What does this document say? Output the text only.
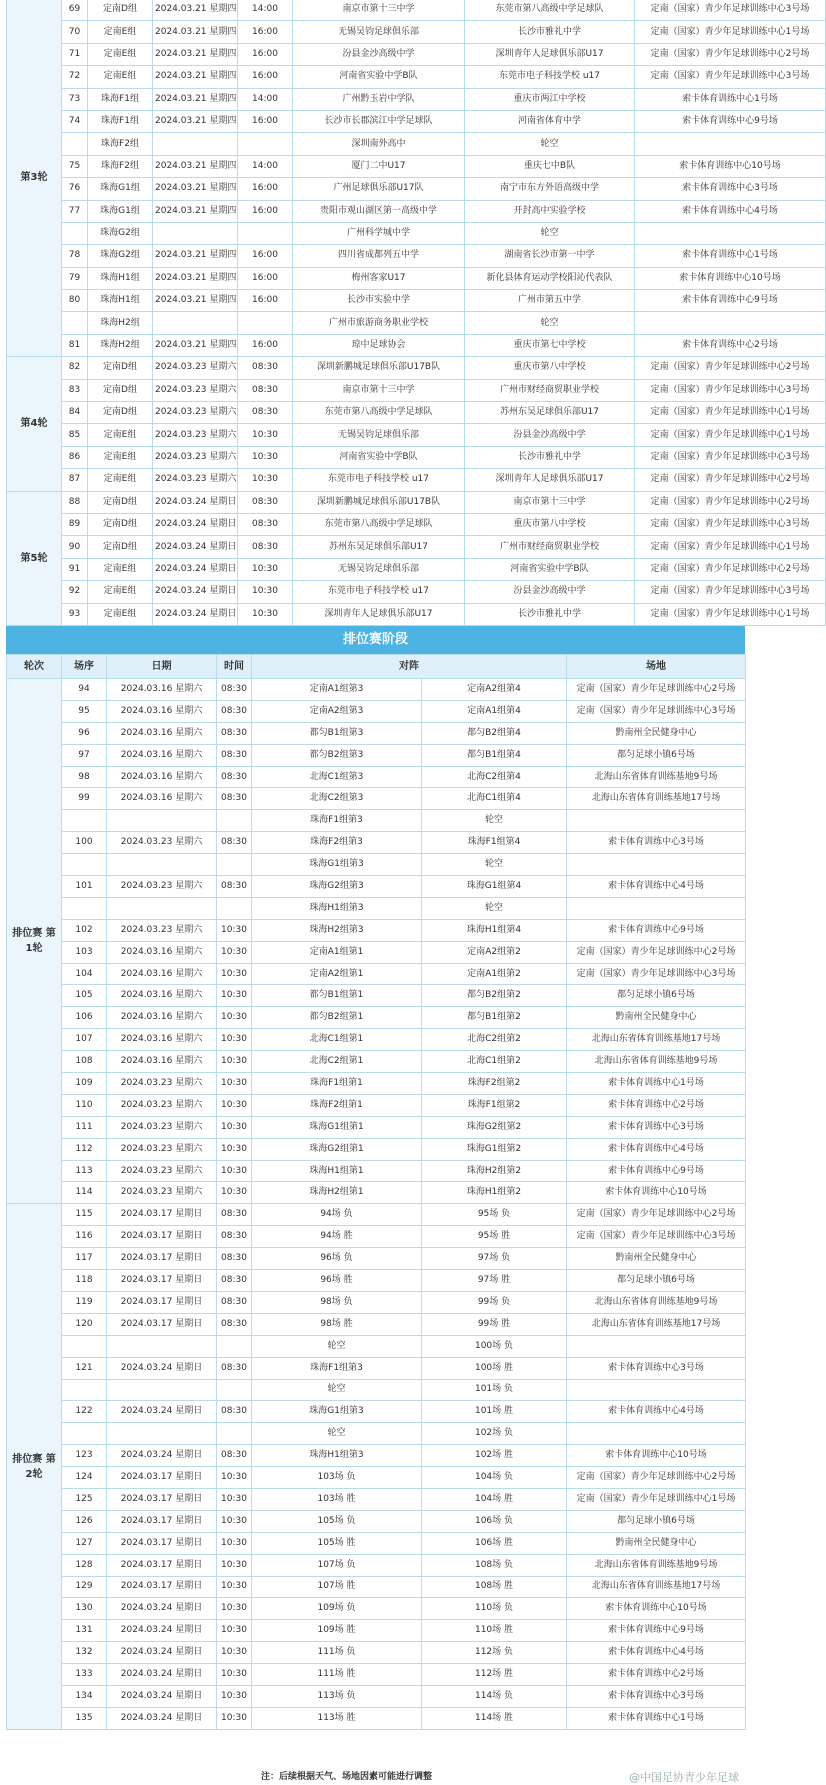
第3轮	69	定南D组	2024.03.21 星期四	14:00	南京市第十三中学	东莞市第八高级中学足球队	定南（国家）青少年足球训练中心3号场
	70	定南E组	2024.03.21 星期四	16:00	无锡吴钧足球俱乐部	长沙市雅礼中学	定南（国家）青少年足球训练中心1号场
	71	定南E组	2024.03.21 星期四	16:00	汾县金沙高级中学	深圳青年人足球俱乐部U17	定南（国家）青少年足球训练中心2号场
	72	定南E组	2024.03.21 星期四	16:00	河南省实验中学B队	东莞市电子科技学校 u17	定南（国家）青少年足球训练中心3号场
	73	珠海F1组	2024.03.21 星期四	14:00	广州黔玉岩中学队	重庆市两江中学校	索卡体育训练中心1号场
	74	珠海F1组	2024.03.21 星期四	16:00	长沙市长郡滨江中学足球队	河南省体育中学	索卡体育训练中心9号场
		珠海F2组			深圳南外高中	轮空	
	75	珠海F2组	2024.03.21 星期四	14:00	厦门二中U17	重庆七中B队	索卡体育训练中心10号场
	76	珠海G1组	2024.03.21 星期四	16:00	广州足球俱乐部U17队	南宁市东方外语高级中学	索卡体育训练中心3号场
	77	珠海G1组	2024.03.21 星期四	16:00	贵阳市观山湖区第一高级中学	开封高中实验学校	索卡体育训练中心4号场
		珠海G2组			广州科学城中学	轮空	
	78	珠海G2组	2024.03.21 星期四	16:00	四川省成都列五中学	湖南省长沙市第一中学	索卡体育训练中心1号场
	79	珠海H1组	2024.03.21 星期四	16:00	梅州客家U17	新化县体育运动学校阳沁代表队	索卡体育训练中心10号场
	80	珠海H1组	2024.03.21 星期四	16:00	长沙市实验中学	广州市第五中学	索卡体育训练中心9号场
		珠海H2组			广州市旅游商务职业学校	轮空	
	81	珠海H2组	2024.03.21 星期四	16:00	琼中足球协会	重庆市第七中学校	索卡体育训练中心2号场
第4轮	82	定南D组	2024.03.23 星期六	08:30	深圳新鹏城足球俱乐部U17B队	重庆市第八中学校	定南（国家）青少年足球训练中心2号场
	83	定南D组	2024.03.23 星期六	08:30	南京市第十三中学	广州市财经商贸职业学校	定南（国家）青少年足球训练中心3号场
	84	定南D组	2024.03.23 星期六	08:30	东莞市第八高级中学足球队	苏州东吴足球俱乐部U17	定南（国家）青少年足球训练中心1号场
	85	定南E组	2024.03.23 星期六	10:30	无锡吴钧足球俱乐部	汾县金沙高级中学	定南（国家）青少年足球训练中心1号场
	86	定南E组	2024.03.23 星期六	10:30	河南省实验中学B队	长沙市雅礼中学	定南（国家）青少年足球训练中心3号场
	87	定南E组	2024.03.23 星期六	10:30	东莞市电子科技学校 u17	深圳青年人足球俱乐部U17	定南（国家）青少年足球训练中心2号场
第5轮	88	定南D组	2024.03.24 星期日	08:30	深圳新鹏城足球俱乐部U17B队	南京市第十三中学	定南（国家）青少年足球训练中心2号场
	89	定南D组	2024.03.24 星期日	08:30	东莞市第八高级中学足球队	重庆市第八中学校	定南（国家）青少年足球训练中心3号场
	90	定南D组	2024.03.24 星期日	08:30	苏州东吴足球俱乐部U17	广州市财经商贸职业学校	定南（国家）青少年足球训练中心1号场
	91	定南E组	2024.03.24 星期日	10:30	无锡吴钧足球俱乐部	河南省实验中学B队	定南（国家）青少年足球训练中心2号场
	92	定南E组	2024.03.24 星期日	10:30	东莞市电子科技学校 u17	汾县金沙高级中学	定南（国家）青少年足球训练中心3号场
	93	定南E组	2024.03.24 星期日	10:30	深圳青年人足球俱乐部U17	长沙市雅礼中学	定南（国家）青少年足球训练中心1号场
排位赛阶段
轮次	场序	日期	时间	对阵		场地
排位赛 第1轮	94	2024.03.16 星期六	08:30	定南A1组第3	定南A2组第4	定南（国家）青少年足球训练中心2号场
	95	2024.03.16 星期六	08:30	定南A2组第3	定南A1组第4	定南（国家）青少年足球训练中心3号场
	96	2024.03.16 星期六	08:30	都匀B1组第3	都匀B2组第4	黔南州全民健身中心
	97	2024.03.16 星期六	08:30	都匀B2组第3	都匀B1组第4	都匀足球小镇6号场
	98	2024.03.16 星期六	08:30	北海C1组第3	北海C2组第4	北海山东省体育训练基地9号场
	99	2024.03.16 星期六	08:30	北海C2组第3	北海C1组第4	北海山东省体育训练基地17号场
				珠海F1组第3	轮空	
	100	2024.03.23 星期六	08:30	珠海F2组第3	珠海F1组第4	索卡体育训练中心3号场
				珠海G1组第3	轮空	
	101	2024.03.23 星期六	08:30	珠海G2组第3	珠海G1组第4	索卡体育训练中心4号场
				珠海H1组第3	轮空	
	102	2024.03.23 星期六	10:30	珠海H2组第3	珠海H1组第4	索卡体育训练中心9号场
	103	2024.03.16 星期六	10:30	定南A1组第1	定南A2组第2	定南（国家）青少年足球训练中心2号场
	104	2024.03.16 星期六	10:30	定南A2组第1	定南A1组第2	定南（国家）青少年足球训练中心3号场
	105	2024.03.16 星期六	10:30	都匀B1组第1	都匀B2组第2	都匀足球小镇6号场
	106	2024.03.16 星期六	10:30	都匀B2组第1	都匀B1组第2	黔南州全民健身中心
	107	2024.03.16 星期六	10:30	北海C1组第1	北海C2组第2	北海山东省体育训练基地17号场
	108	2024.03.16 星期六	10:30	北海C2组第1	北海C1组第2	北海山东省体育训练基地9号场
	109	2024.03.23 星期六	10:30	珠海F1组第1	珠海F2组第2	索卡体育训练中心1号场
	110	2024.03.23 星期六	10:30	珠海F2组第1	珠海F1组第2	索卡体育训练中心2号场
	111	2024.03.23 星期六	10:30	珠海G1组第1	珠海G2组第2	索卡体育训练中心3号场
	112	2024.03.23 星期六	10:30	珠海G2组第1	珠海G1组第2	索卡体育训练中心4号场
	113	2024.03.23 星期六	10:30	珠海H1组第1	珠海H2组第2	索卡体育训练中心9号场
	114	2024.03.23 星期六	10:30	珠海H2组第1	珠海H1组第2	索卡体育训练中心10号场
排位赛 第2轮	115	2024.03.17 星期日	08:30	94场 负	95场 负	定南（国家）青少年足球训练中心2号场
	116	2024.03.17 星期日	08:30	94场 胜	95场 胜	定南（国家）青少年足球训练中心3号场
	117	2024.03.17 星期日	08:30	96场 负	97场 负	黔南州全民健身中心
	118	2024.03.17 星期日	08:30	96场 胜	97场 胜	都匀足球小镇6号场
	119	2024.03.17 星期日	08:30	98场 负	99场 负	北海山东省体育训练基地9号场
	120	2024.03.17 星期日	08:30	98场 胜	99场 胜	北海山东省体育训练基地17号场
				轮空	100场 负	
	121	2024.03.24 星期日	08:30	珠海F1组第3	100场 胜	索卡体育训练中心3号场
				轮空	101场 负	
	122	2024.03.24 星期日	08:30	珠海G1组第3	101场 胜	索卡体育训练中心4号场
				轮空	102场 负	
	123	2024.03.24 星期日	08:30	珠海H1组第3	102场 胜	索卡体育训练中心10号场
	124	2024.03.17 星期日	10:30	103场 负	104场 负	定南（国家）青少年足球训练中心2号场
	125	2024.03.17 星期日	10:30	103场 胜	104场 胜	定南（国家）青少年足球训练中心1号场
	126	2024.03.17 星期日	10:30	105场 负	106场 负	都匀足球小镇6号场
	127	2024.03.17 星期日	10:30	105场 胜	106场 胜	黔南州全民健身中心
	128	2024.03.17 星期日	10:30	107场 负	108场 负	北海山东省体育训练基地9号场
	129	2024.03.17 星期日	10:30	107场 胜	108场 胜	北海山东省体育训练基地17号场
	130	2024.03.24 星期日	10:30	109场 负	110场 负	索卡体育训练中心10号场
	131	2024.03.24 星期日	10:30	109场 胜	110场 胜	索卡体育训练中心9号场
	132	2024.03.24 星期日	10:30	111场 负	112场 负	索卡体育训练中心4号场
	133	2024.03.24 星期日	10:30	111场 胜	112场 胜	索卡体育训练中心2号场
	134	2024.03.24 星期日	10:30	113场 负	114场 负	索卡体育训练中心3号场
	135	2024.03.24 星期日	10:30	113场 胜	114场 胜	索卡体育训练中心1号场
注：后续根据天气、场地因素可能进行调整	@中国足协青少年足球
